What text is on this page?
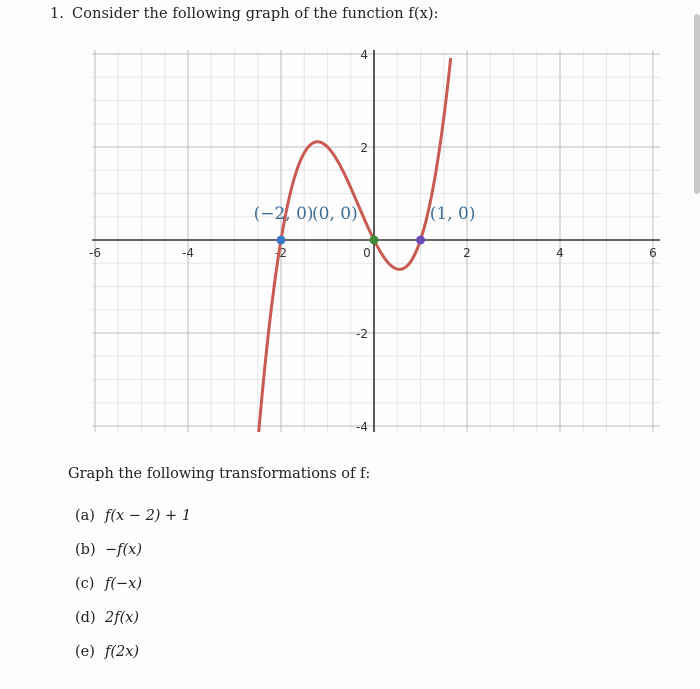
1. Consider the following graph of the function f(x):
-6	-4	-2	0	2	4	6
4
2
-2
-4
(−2, 0)
(0, 0)	(1, 0)
Graph the following transformations of f:
(a) f(x − 2) + 1
(b) −f(x)
(c) f(−x)
(d) 2f(x)
(e) f(2x)
